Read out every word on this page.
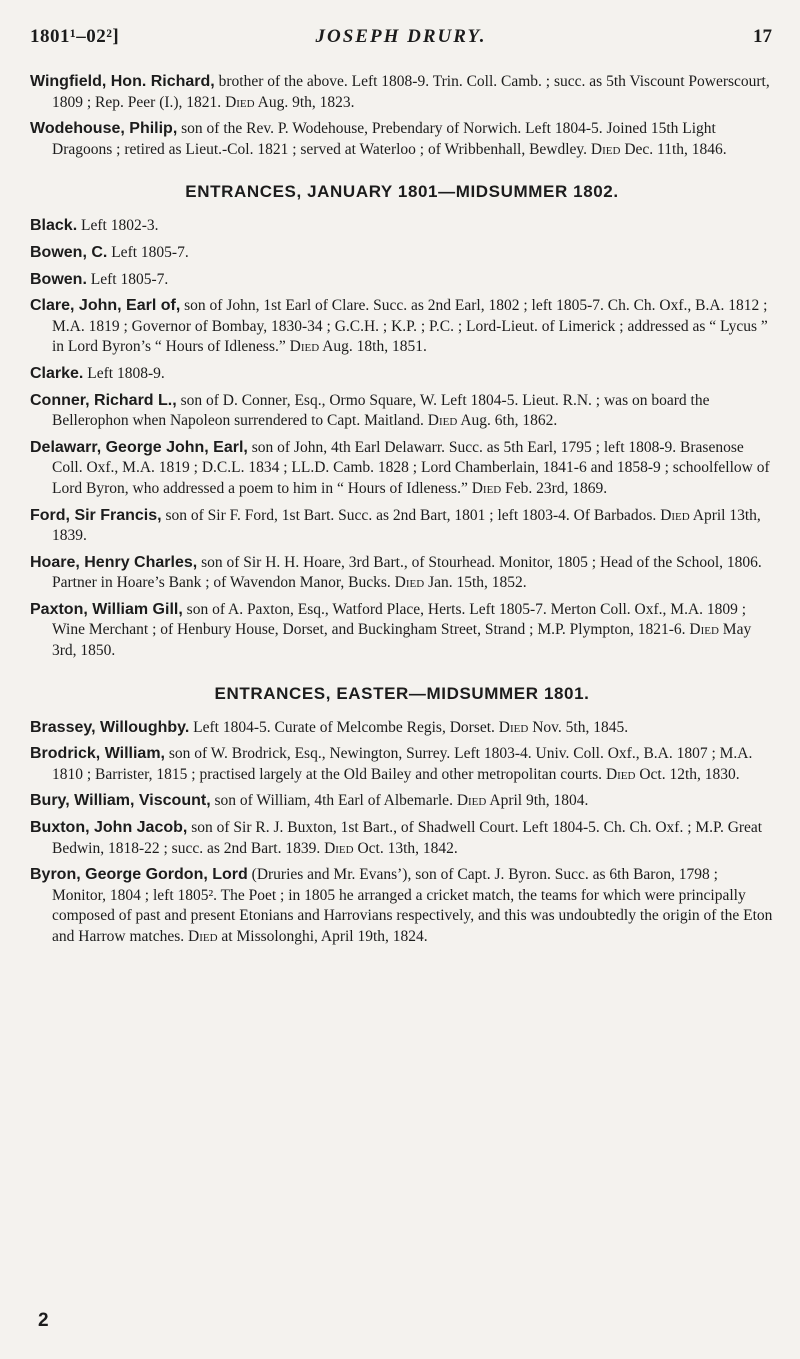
1801¹–02²]	JOSEPH DRURY.	17

Wingfield, Hon. Richard, brother of the above. Left 1808-9. Trin. Coll. Camb. ; succ. as 5th Viscount Powerscourt, 1809 ; Rep. Peer (I.), 1821. Died Aug. 9th, 1823.

Wodehouse, Philip, son of the Rev. P. Wodehouse, Prebendary of Norwich. Left 1804-5. Joined 15th Light Dragoons ; retired as Lieut.-Col. 1821 ; served at Waterloo ; of Wribbenhall, Bewdley. Died Dec. 11th, 1846.

ENTRANCES, JANUARY 1801—MIDSUMMER 1802.

Black. Left 1802-3.

Bowen, C. Left 1805-7.

Bowen. Left 1805-7.

Clare, John, Earl of, son of John, 1st Earl of Clare. Succ. as 2nd Earl, 1802 ; left 1805-7. Ch. Ch. Oxf., B.A. 1812 ; M.A. 1819 ; Governor of Bombay, 1830-34 ; G.C.H. ; K.P. ; P.C. ; Lord-Lieut. of Limerick ; addressed as “ Lycus ” in Lord Byron’s “ Hours of Idleness.” Died Aug. 18th, 1851.

Clarke. Left 1808-9.

Conner, Richard L., son of D. Conner, Esq., Ormo Square, W. Left 1804-5. Lieut. R.N. ; was on board the Bellerophon when Napoleon surrendered to Capt. Maitland. Died Aug. 6th, 1862.

Delawarr, George John, Earl, son of John, 4th Earl Delawarr. Succ. as 5th Earl, 1795 ; left 1808-9. Brasenose Coll. Oxf., M.A. 1819 ; D.C.L. 1834 ; LL.D. Camb. 1828 ; Lord Chamberlain, 1841-6 and 1858-9 ; schoolfellow of Lord Byron, who addressed a poem to him in “ Hours of Idleness.” Died Feb. 23rd, 1869.

Ford, Sir Francis, son of Sir F. Ford, 1st Bart. Succ. as 2nd Bart, 1801 ; left 1803-4. Of Barbados. Died April 13th, 1839.

Hoare, Henry Charles, son of Sir H. H. Hoare, 3rd Bart., of Stourhead. Monitor, 1805 ; Head of the School, 1806. Partner in Hoare’s Bank ; of Wavendon Manor, Bucks. Died Jan. 15th, 1852.

Paxton, William Gill, son of A. Paxton, Esq., Watford Place, Herts. Left 1805-7. Merton Coll. Oxf., M.A. 1809 ; Wine Merchant ; of Henbury House, Dorset, and Buckingham Street, Strand ; M.P. Plympton, 1821-6. Died May 3rd, 1850.

ENTRANCES, EASTER—MIDSUMMER 1801.

Brassey, Willoughby. Left 1804-5. Curate of Melcombe Regis, Dorset. Died Nov. 5th, 1845.

Brodrick, William, son of W. Brodrick, Esq., Newington, Surrey. Left 1803-4. Univ. Coll. Oxf., B.A. 1807 ; M.A. 1810 ; Barrister, 1815 ; practised largely at the Old Bailey and other metropolitan courts. Died Oct. 12th, 1830.

Bury, William, Viscount, son of William, 4th Earl of Albemarle. Died April 9th, 1804.

Buxton, John Jacob, son of Sir R. J. Buxton, 1st Bart., of Shadwell Court. Left 1804-5. Ch. Ch. Oxf. ; M.P. Great Bedwin, 1818-22 ; succ. as 2nd Bart. 1839. Died Oct. 13th, 1842.

Byron, George Gordon, Lord (Druries and Mr. Evans’), son of Capt. J. Byron. Succ. as 6th Baron, 1798 ; Monitor, 1804 ; left 1805². The Poet ; in 1805 he arranged a cricket match, the teams for which were principally composed of past and present Etonians and Harrovians respectively, and this was undoubtedly the origin of the Eton and Harrow matches. Died at Missolonghi, April 19th, 1824.

2
